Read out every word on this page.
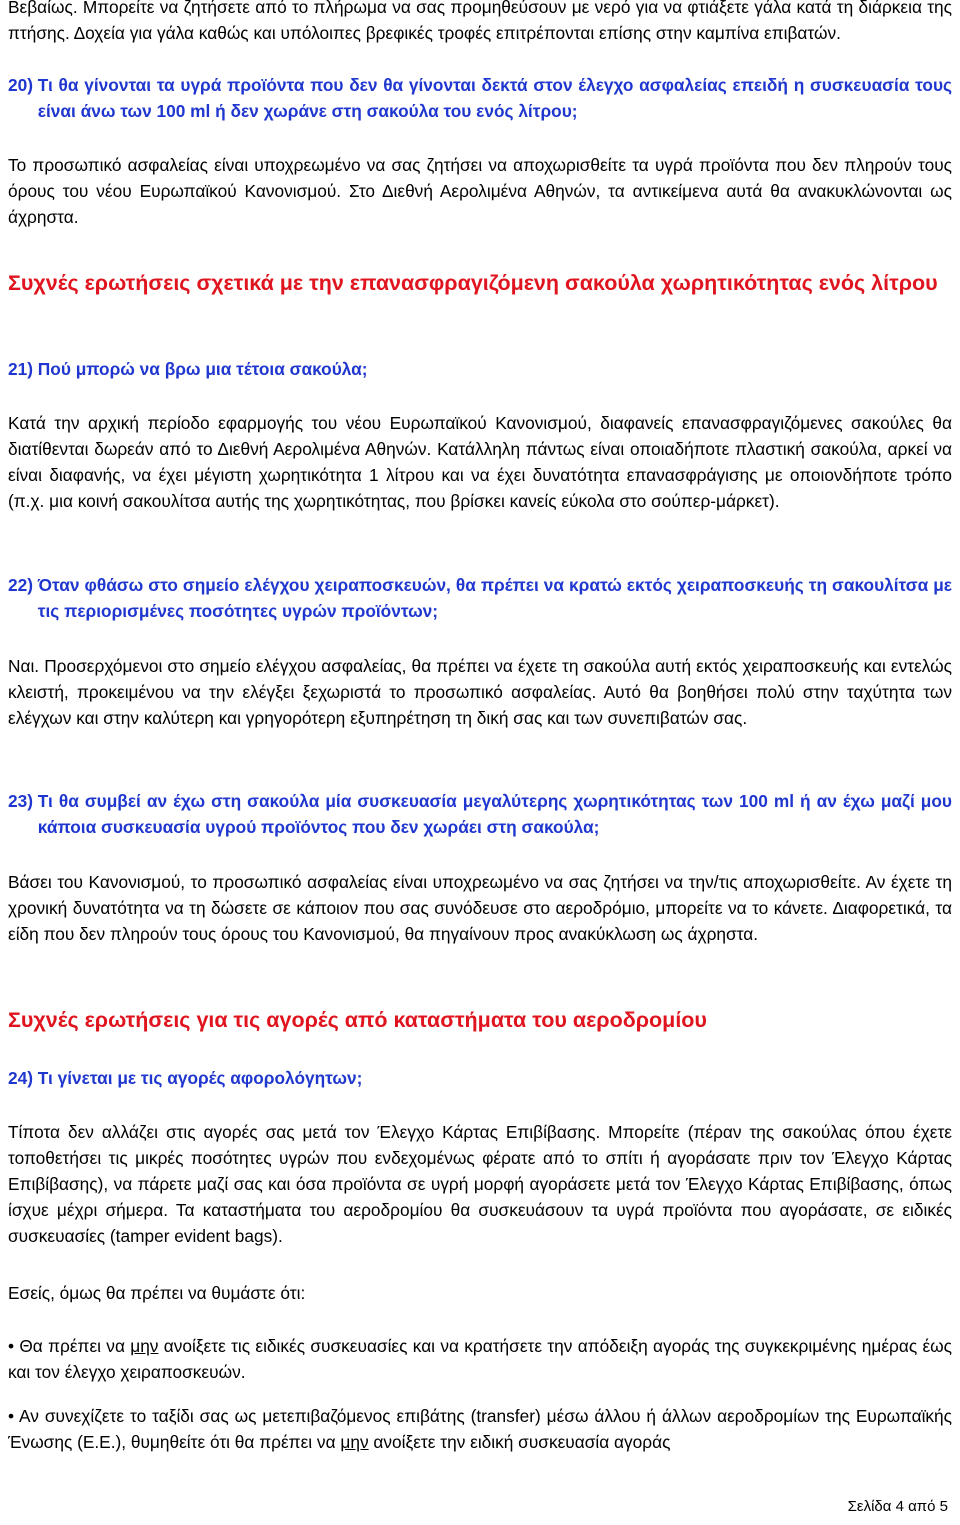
Βεβαίως. Μπορείτε να ζητήσετε από το πλήρωμα να σας προμηθεύσουν με νερό για να φτιάξετε γάλα κατά τη διάρκεια της πτήσης. Δοχεία για γάλα καθώς και υπόλοιπες βρεφικές τροφές επιτρέπονται επίσης στην καμπίνα επιβατών.

20)
Τι θα γίνονται τα υγρά προϊόντα που δεν θα γίνονται δεκτά στον έλεγχο ασφαλείας επειδή η συσκευασία τους είναι άνω των 100 ml ή δεν χωράνε στη σακούλα του ενός λίτρου;

Το προσωπικό ασφαλείας είναι υποχρεωμένο να σας ζητήσει να αποχωρισθείτε τα υγρά προϊόντα που δεν πληρούν τους όρους του νέου Ευρωπαϊκού Κανονισμού. Στο Διεθνή Αερολιμένα Αθηνών, τα αντικείμενα αυτά θα ανακυκλώνονται ως άχρηστα.

Συχνές ερωτήσεις σχετικά με την επανασφραγιζόμενη σακούλα χωρητικότητας ενός λίτρου

21)
Πού μπορώ να βρω μια τέτοια σακούλα;

Κατά την αρχική περίοδο εφαρμογής του νέου Ευρωπαϊκού Κανονισμού, διαφανείς επανασφραγιζόμενες σακούλες θα διατίθενται δωρεάν από το Διεθνή Αερολιμένα Αθηνών. Κατάλληλη πάντως είναι οποιαδήποτε πλαστική σακούλα, αρκεί να είναι διαφανής, να έχει μέγιστη χωρητικότητα 1 λίτρου και να έχει δυνατότητα επανασφράγισης με οποιονδήποτε τρόπο (π.χ. μια κοινή σακουλίτσα αυτής της χωρητικότητας, που βρίσκει κανείς εύκολα στο σούπερ-μάρκετ).

22)
Όταν φθάσω στο σημείο ελέγχου χειραποσκευών, θα πρέπει να κρατώ εκτός χειραποσκευής τη σακουλίτσα με τις περιορισμένες ποσότητες υγρών προϊόντων;

Ναι. Προσερχόμενοι στο σημείο ελέγχου ασφαλείας, θα πρέπει να έχετε τη σακούλα αυτή εκτός χειραποσκευής και εντελώς κλειστή, προκειμένου να την ελέγξει ξεχωριστά το προσωπικό ασφαλείας. Αυτό θα βοηθήσει πολύ στην ταχύτητα των ελέγχων και στην καλύτερη και γρηγορότερη εξυπηρέτηση τη δική σας και των συνεπιβατών σας.

23)
Τι θα συμβεί αν έχω στη σακούλα μία συσκευασία μεγαλύτερης χωρητικότητας των 100 ml ή αν έχω μαζί μου κάποια συσκευασία υγρού προϊόντος που δεν χωράει στη σακούλα;

Βάσει του Κανονισμού, το προσωπικό ασφαλείας είναι υποχρεωμένο να σας ζητήσει να την/τις αποχωρισθείτε. Αν έχετε τη χρονική δυνατότητα να τη δώσετε σε κάποιον που σας συνόδευσε στο αεροδρόμιο, μπορείτε να το κάνετε. Διαφορετικά, τα είδη που δεν πληρούν τους όρους του Κανονισμού, θα πηγαίνουν προς ανακύκλωση ως άχρηστα.

Συχνές ερωτήσεις για τις αγορές από καταστήματα του αεροδρομίου

24)
Τι γίνεται με τις αγορές αφορολόγητων;

Τίποτα δεν αλλάζει στις αγορές σας μετά τον Έλεγχο Κάρτας Επιβίβασης. Μπορείτε (πέραν της σακούλας όπου έχετε τοποθετήσει τις μικρές ποσότητες υγρών που ενδεχομένως φέρατε από το σπίτι ή αγοράσατε πριν τον Έλεγχο Κάρτας Επιβίβασης), να πάρετε μαζί σας και όσα προϊόντα σε υγρή μορφή αγοράσετε μετά τον Έλεγχο Κάρτας Επιβίβασης, όπως ίσχυε μέχρι σήμερα. Τα καταστήματα του αεροδρομίου θα συσκευάσουν τα υγρά προϊόντα που αγοράσατε, σε ειδικές συσκευασίες (tamper evident bags).

Εσείς, όμως θα πρέπει να θυμάστε ότι:

• Θα πρέπει να μην ανοίξετε τις ειδικές συσκευασίες και να κρατήσετε την απόδειξη αγοράς της συγκεκριμένης ημέρας έως και τον έλεγχο χειραποσκευών.

• Αν συνεχίζετε το ταξίδι σας ως μετεπιβαζόμενος επιβάτης (transfer) μέσω άλλου ή άλλων αεροδρομίων της Ευρωπαϊκής Ένωσης (Ε.Ε.), θυμηθείτε ότι θα πρέπει να μην ανοίξετε την ειδική συσκευασία αγοράς

Σελίδα 4 από 5
